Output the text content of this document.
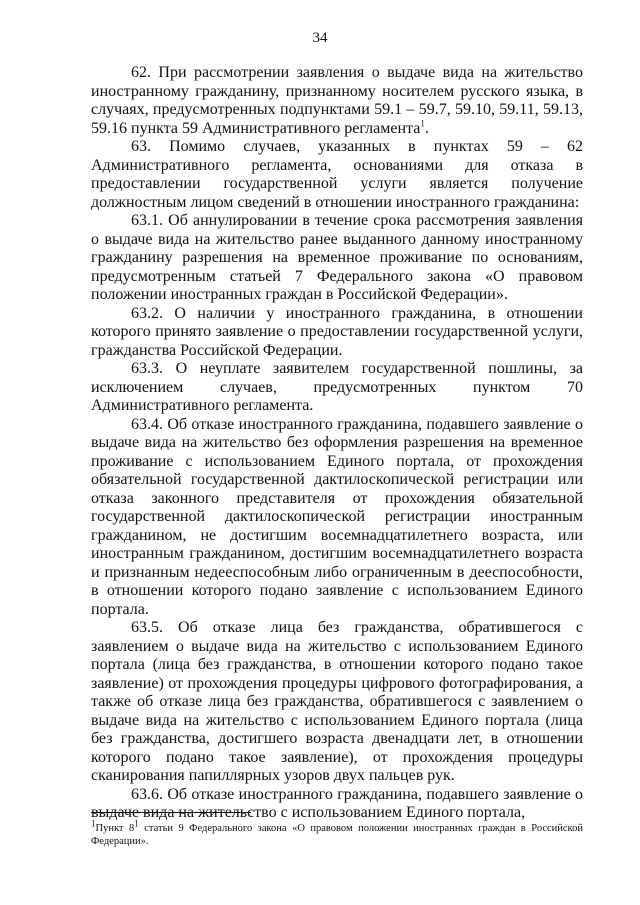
34

62. При рассмотрении заявления о выдаче вида на жительство иностранному гражданину, признанному носителем русского языка, в случаях, предусмотренных подпунктами 59.1 – 59.7, 59.10, 59.11, 59.13, 59.16 пункта 59 Административного регламента$^1$.

63. Помимо случаев, указанных в пунктах 59 – 62 Административного регламента, основаниями для отказа в предоставлении государственной услуги является получение должностным лицом сведений в отношении иностранного гражданина:

63.1. Об аннулировании в течение срока рассмотрения заявления о выдаче вида на жительство ранее выданного данному иностранному гражданину разрешения на временное проживание по основаниям, предусмотренным статьей 7 Федерального закона «О правовом положении иностранных граждан в Российской Федерации».

63.2. О наличии у иностранного гражданина, в отношении которого принято заявление о предоставлении государственной услуги, гражданства Российской Федерации.

63.3. О неуплате заявителем государственной пошлины, за исключением случаев, предусмотренных пунктом 70 Административного регламента.

63.4. Об отказе иностранного гражданина, подавшего заявление о выдаче вида на жительство без оформления разрешения на временное проживание с использованием Единого портала, от прохождения обязательной государственной дактилоскопической регистрации или отказа законного представителя от прохождения обязательной государственной дактилоскопической регистрации иностранным гражданином, не достигшим восемнадцатилетнего возраста, или иностранным гражданином, достигшим восемнадцатилетнего возраста и признанным недееспособным либо ограниченным в дееспособности, в отношении которого подано заявление с использованием Единого портала.

63.5. Об отказе лица без гражданства, обратившегося с заявлением о выдаче вида на жительство с использованием Единого портала (лица без гражданства, в отношении которого подано такое заявление) от прохождения процедуры цифрового фотографирования, а также об отказе лица без гражданства, обратившегося с заявлением о выдаче вида на жительство с использованием Единого портала (лица без гражданства, достигшего возраста двенадцати лет, в отношении которого подано такое заявление), от прохождения процедуры сканирования папиллярных узоров двух пальцев рук.

63.6. Об отказе иностранного гражданина, подавшего заявление о выдаче вида на жительство с использованием Единого портала,

$^1$Пункт $8^1$ статьи 9 Федерального закона «О правовом положении иностранных граждан в Российской Федерации».
